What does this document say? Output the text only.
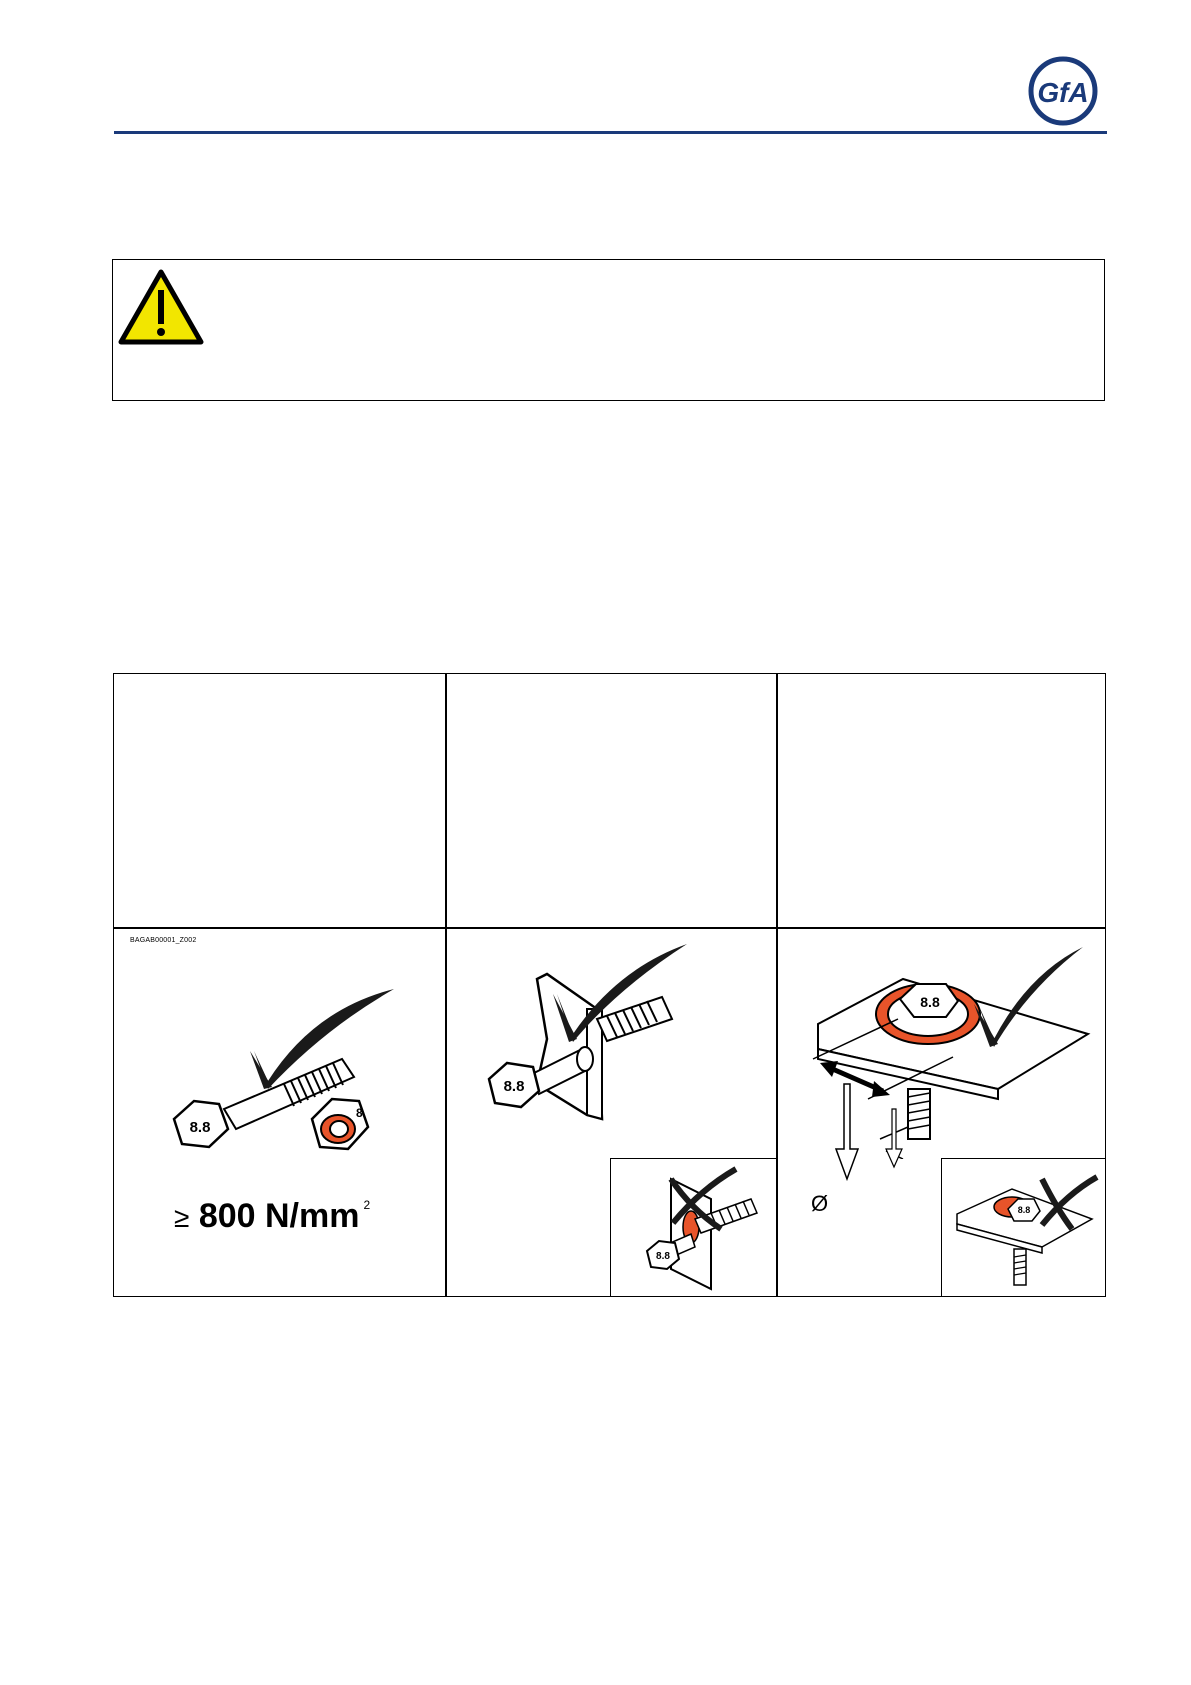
GfA
BAGAB00001_Z002
8.8
8
≥ 800 N/mm $^2$
8.8
8.8
8.8
Ø	8.8
